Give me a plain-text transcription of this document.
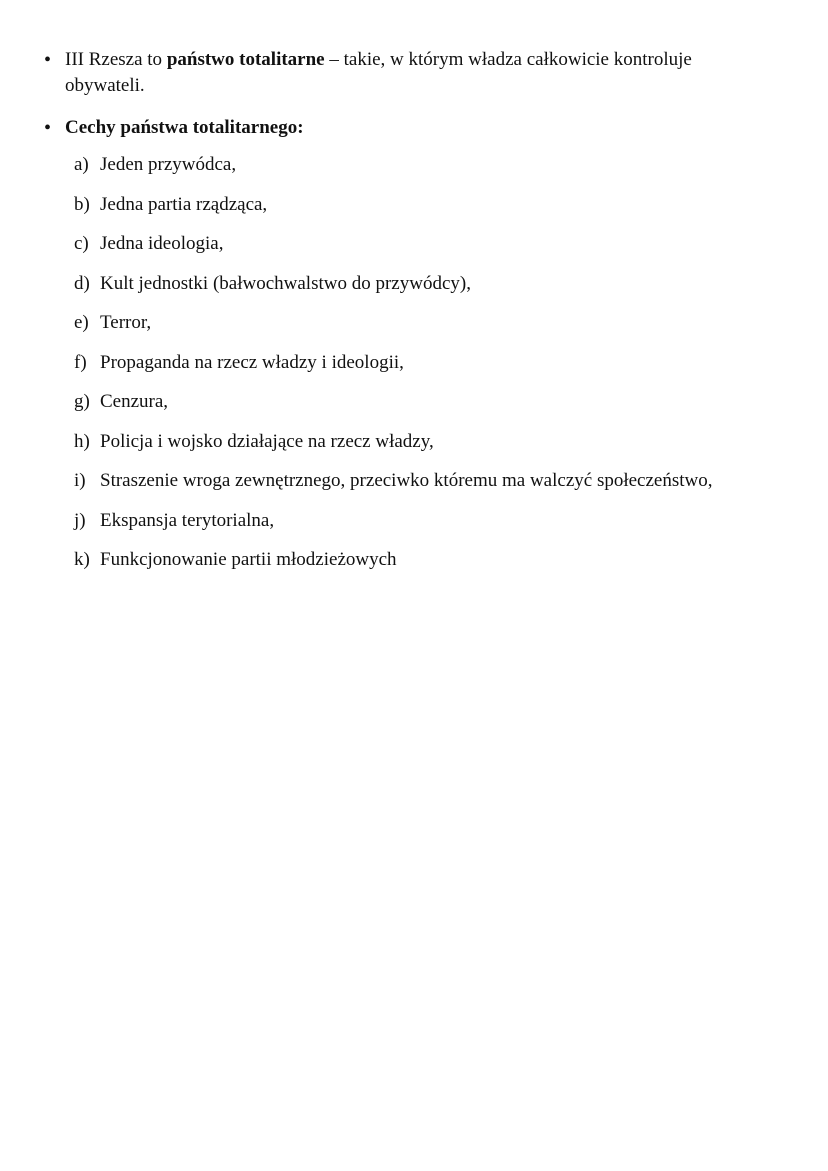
• III Rzesza to państwo totalitarne – takie, w którym władza całkowicie kontroluje obywateli.
• Cechy państwa totalitarnego:
a) Jeden przywódca,
b) Jedna partia rządząca,
c) Jedna ideologia,
d) Kult jednostki (bałwochwalstwo do przywódcy),
e) Terror,
f) Propaganda na rzecz władzy i ideologii,
g) Cenzura,
h) Policja i wojsko działające na rzecz władzy,
i) Straszenie wroga zewnętrznego, przeciwko któremu ma walczyć społeczeństwo,
j) Ekspansja terytorialna,
k) Funkcjonowanie partii młodzieżowych
